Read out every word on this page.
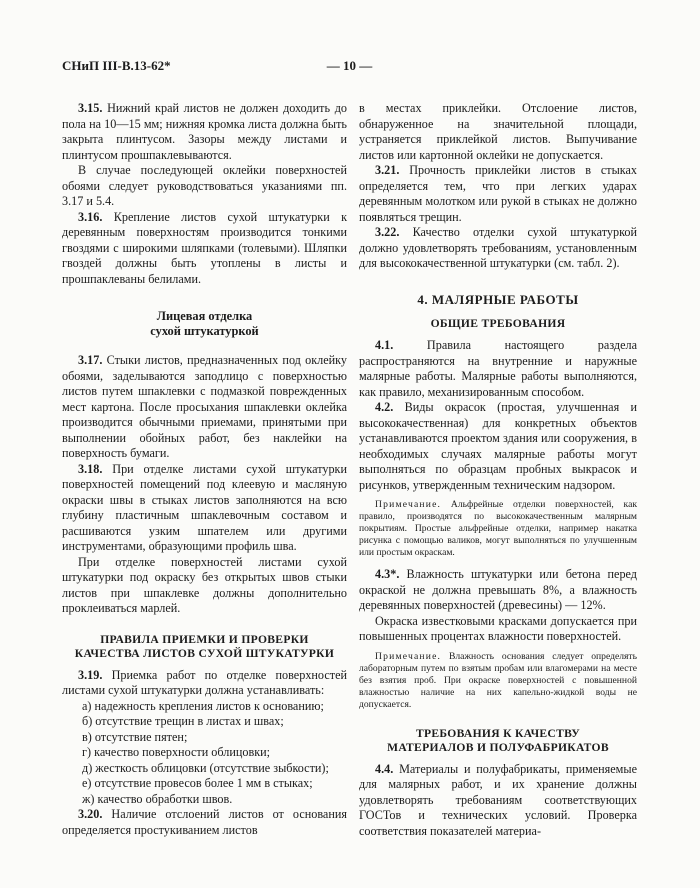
СНиП III-В.13-62*	— 10 —

3.15. Нижний край листов не должен доходить до пола на 10—15 мм; нижняя кромка листа должна быть закрыта плинтусом. Зазоры между листами и плинтусом прошпаклевываются.

В случае последующей оклейки поверхностей обоями следует руководствоваться указаниями пп. 3.17 и 5.4.

3.16. Крепление листов сухой штукатурки к деревянным поверхностям производится тонкими гвоздями с широкими шляпками (толевыми). Шляпки гвоздей должны быть утоплены в листы и прошпаклеваны белилами.

Лицевая отделка
сухой штукатуркой

3.17. Стыки листов, предназначенных под оклейку обоями, заделываются заподлицо с поверхностью листов путем шпаклевки с подмазкой поврежденных мест картона. После просыхания шпаклевки оклейка производится обычными приемами, принятыми при выполнении обойных работ, без наклейки на поверхность бумаги.

3.18. При отделке листами сухой штукатурки поверхностей помещений под клеевую и масляную окраски швы в стыках листов заполняются на всю глубину пластичным шпаклевочным составом и расшиваются узким шпателем или другими инструментами, образующими профиль шва.

При отделке поверхностей листами сухой штукатурки под окраску без открытых швов стыки листов при шпаклевке должны дополнительно проклеиваться марлей.

ПРАВИЛА ПРИЕМКИ И ПРОВЕРКИ
КАЧЕСТВА ЛИСТОВ СУХОЙ ШТУКАТУРКИ

3.19. Приемка работ по отделке поверхностей листами сухой штукатурки должна устанавливать:

а) надежность крепления листов к основанию;

б) отсутствие трещин в листах и швах;

в) отсутствие пятен;

г) качество поверхности облицовки;

д) жесткость облицовки (отсутствие зыбкости);

е) отсутствие провесов более 1 мм в стыках;

ж) качество обработки швов.

3.20. Наличие отслоений листов от основания определяется простукиванием листов

в местах приклейки. Отслоение листов, обнаруженное на значительной площади, устраняется приклейкой листов. Выпучивание листов или картонной оклейки не допускается.

3.21. Прочность приклейки листов в стыках определяется тем, что при легких ударах деревянным молотком или рукой в стыках не должно появляться трещин.

3.22. Качество отделки сухой штукатуркой должно удовлетворять требованиям, установленным для высококачественной штукатурки (см. табл. 2).

4. МАЛЯРНЫЕ РАБОТЫ
ОБЩИЕ ТРЕБОВАНИЯ

4.1.	Правила настоящего раздела распространяются на внутренние и наружные малярные работы. Малярные работы выполняются, как правило, механизированным способом.

4.2. Виды окрасок (простая, улучшенная и высококачественная) для конкретных объектов устанавливаются проектом здания или сооружения, в необходимых случаях малярные работы могут выполняться по образцам пробных выкрасок и рисунков, утвержденным техническим надзором.

Примечание. Альфрейные отделки поверхностей, как правило, производятся по высококачественным малярным покрытиям. Простые альфрейные отделки, например накатка рисунка с помощью валиков, могут выполняться по улучшенным или простым окраскам.

4.3*. Влажность штукатурки или бетона перед окраской не должна превышать 8%, а влажность деревянных поверхностей (древесины) — 12%.

Окраска известковыми красками допускается при повышенных процентах влажности поверхностей.

Примечание. Влажность основания следует определять лабораторным путем по взятым пробам или влагомерами на месте без взятия проб. При окраске поверхностей с повышенной влажностью наличие на них капельно-жидкой воды не допускается.

ТРЕБОВАНИЯ К КАЧЕСТВУ
МАТЕРИАЛОВ И ПОЛУФАБРИКАТОВ

4.4. Материалы и полуфабрикаты, применяемые для малярных работ, и их хранение должны удовлетворять требованиям соответствующих ГОСТов и технических условий. Проверка соответствия показателей материа-
